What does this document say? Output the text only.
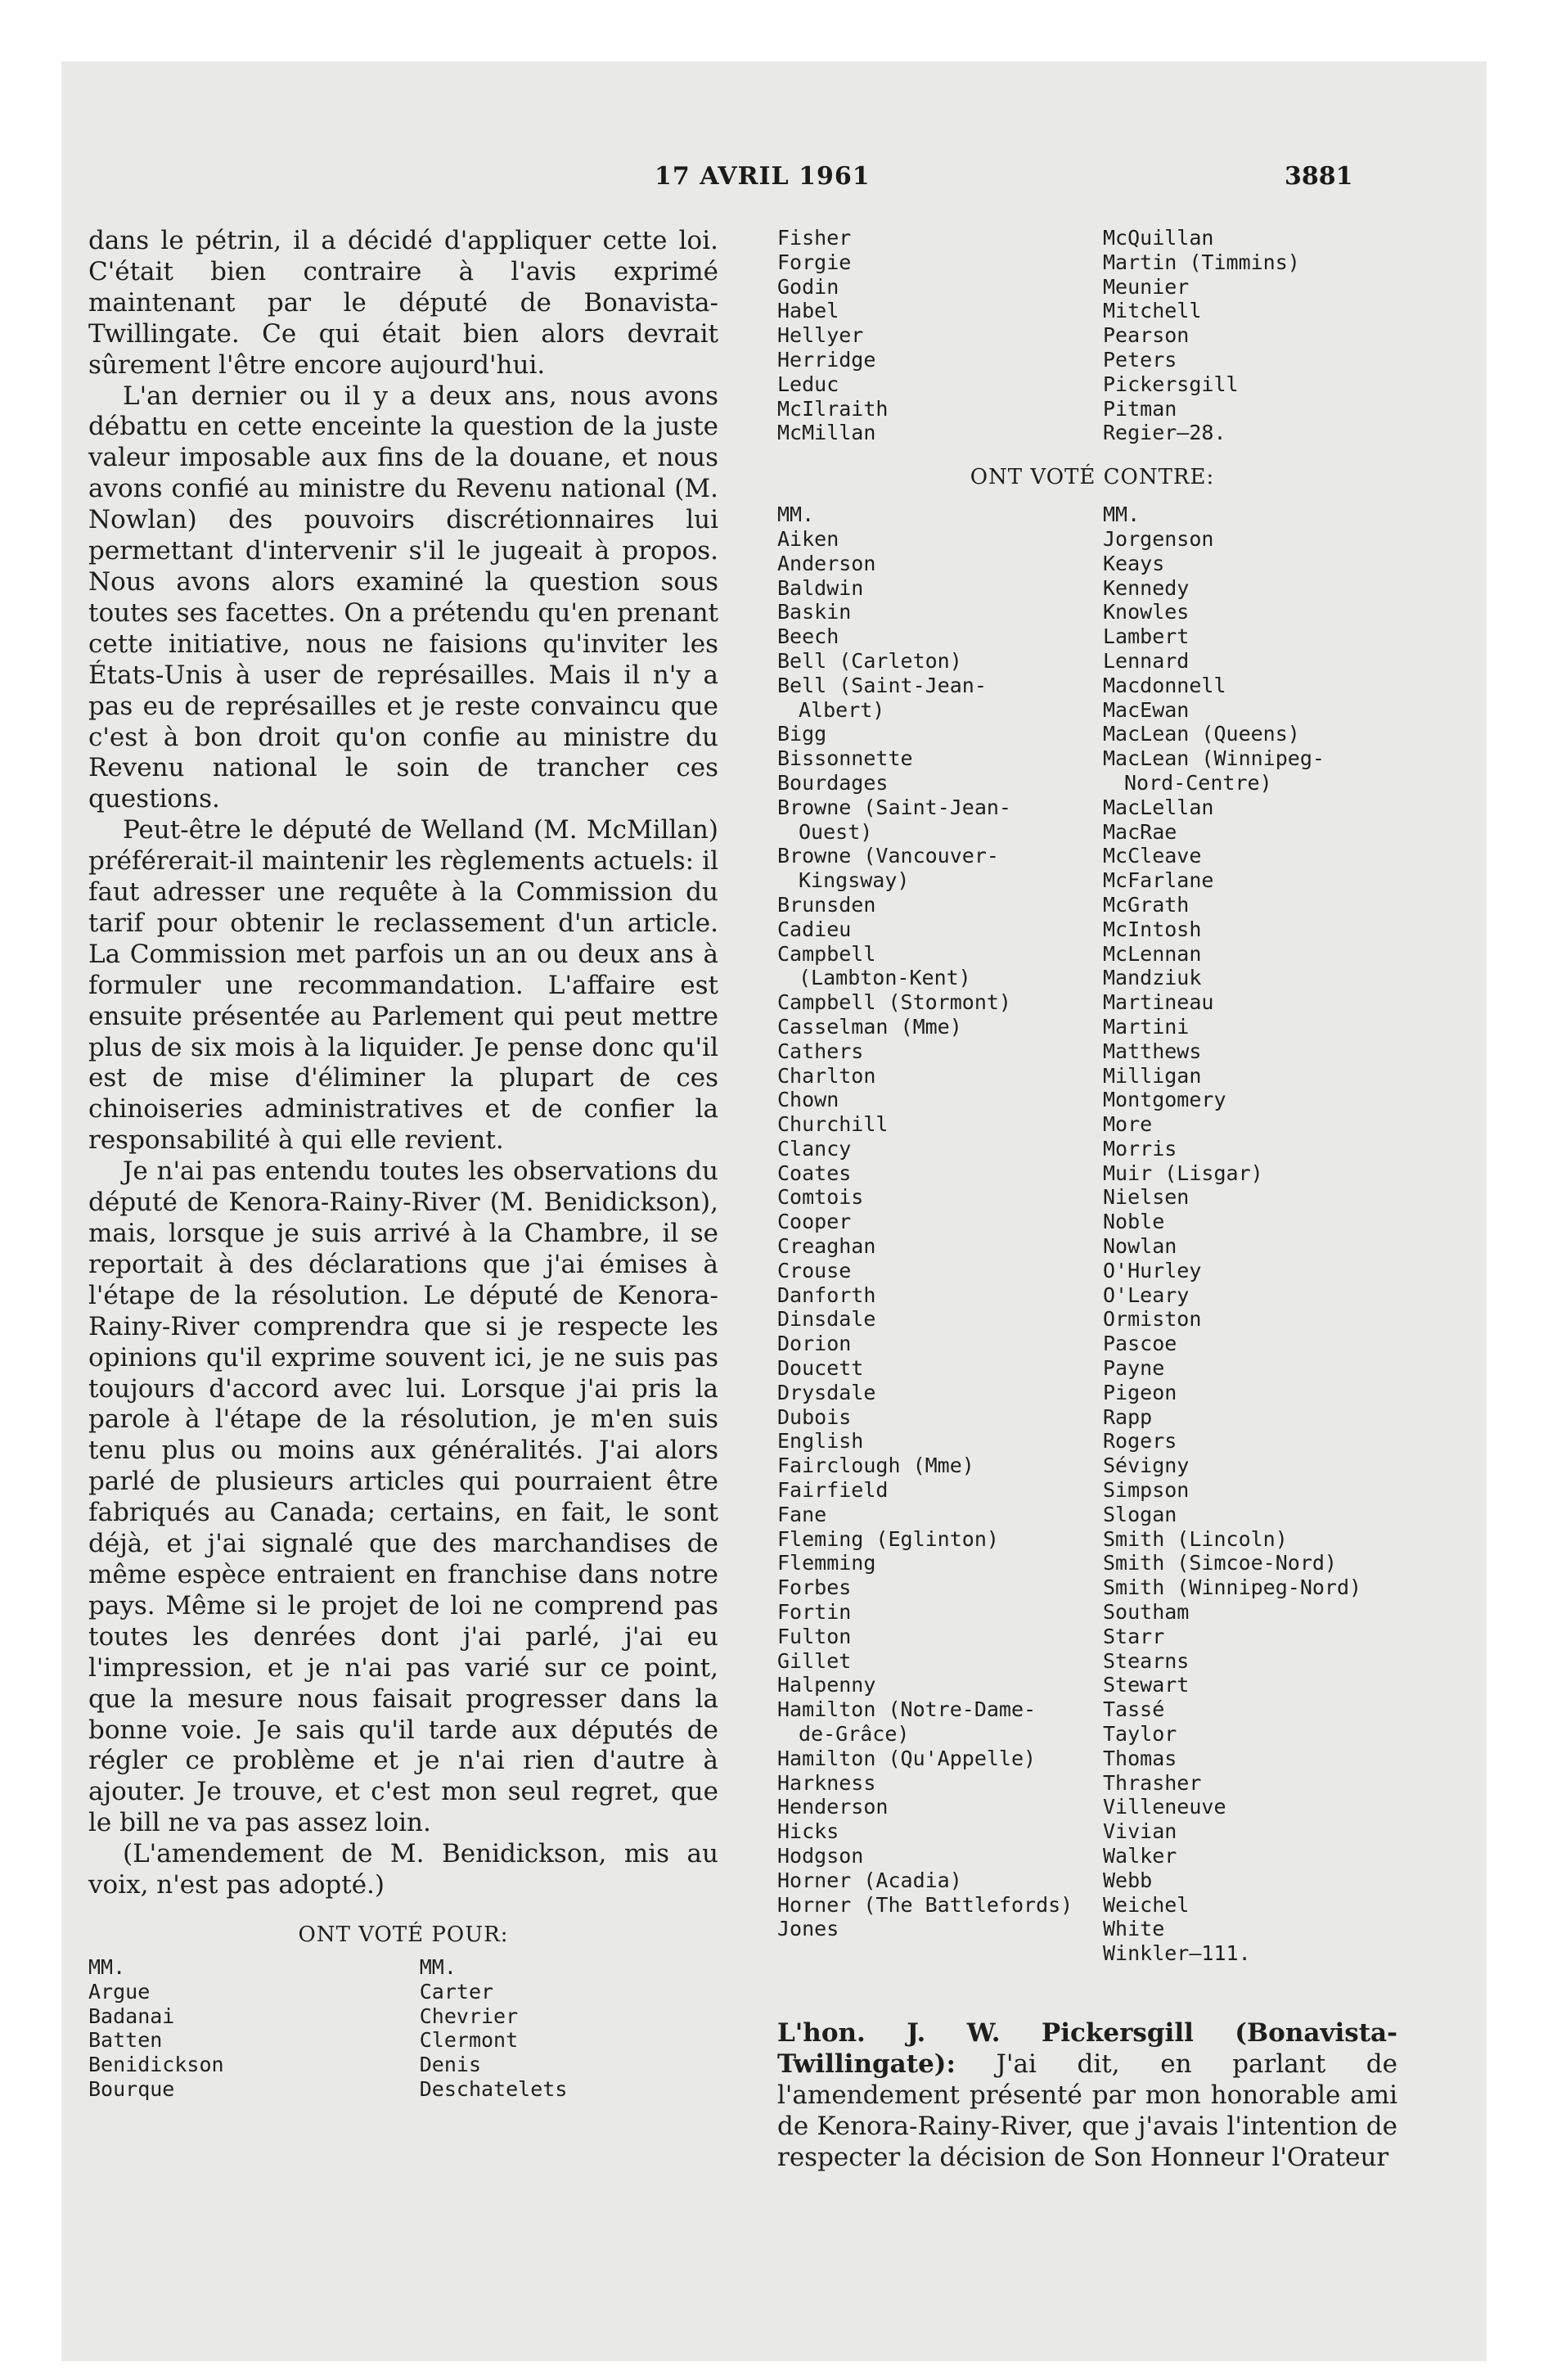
17 AVRIL 1961	3881

dans le pétrin, il a décidé d'appliquer cette loi. C'était bien contraire à l'avis exprimé maintenant par le député de Bonavista-Twillingate. Ce qui était bien alors devrait sûrement l'être encore aujourd'hui.

L'an dernier ou il y a deux ans, nous avons débattu en cette enceinte la question de la juste valeur imposable aux fins de la douane, et nous avons confié au ministre du Revenu national (M. Nowlan) des pouvoirs discrétionnaires lui permettant d'intervenir s'il le jugeait à propos. Nous avons alors examiné la question sous toutes ses facettes. On a prétendu qu'en prenant cette initiative, nous ne faisions qu'inviter les États-Unis à user de représailles. Mais il n'y a pas eu de représailles et je reste convaincu que c'est à bon droit qu'on confie au ministre du Revenu national le soin de trancher ces questions.

Peut-être le député de Welland (M. McMillan) préférerait-il maintenir les règlements actuels: il faut adresser une requête à la Commission du tarif pour obtenir le reclassement d'un article. La Commission met parfois un an ou deux ans à formuler une recommandation. L'affaire est ensuite présentée au Parlement qui peut mettre plus de six mois à la liquider. Je pense donc qu'il est de mise d'éliminer la plupart de ces chinoiseries administratives et de confier la responsabilité à qui elle revient.

Je n'ai pas entendu toutes les observations du député de Kenora-Rainy-River (M. Benidickson), mais, lorsque je suis arrivé à la Chambre, il se reportait à des déclarations que j'ai émises à l'étape de la résolution. Le député de Kenora-Rainy-River comprendra que si je respecte les opinions qu'il exprime souvent ici, je ne suis pas toujours d'accord avec lui. Lorsque j'ai pris la parole à l'étape de la résolution, je m'en suis tenu plus ou moins aux généralités. J'ai alors parlé de plusieurs articles qui pourraient être fabriqués au Canada; certains, en fait, le sont déjà, et j'ai signalé que des marchandises de même espèce entraient en franchise dans notre pays. Même si le projet de loi ne comprend pas toutes les denrées dont j'ai parlé, j'ai eu l'impression, et je n'ai pas varié sur ce point, que la mesure nous faisait progresser dans la bonne voie. Je sais qu'il tarde aux députés de régler ce problème et je n'ai rien d'autre à ajouter. Je trouve, et c'est mon seul regret, que le bill ne va pas assez loin.

(L'amendement de M. Benidickson, mis au voix, n'est pas adopté.)

ONT VOTÉ POUR:
MM.
Argue
Badanai
Batten
Benidickson
Bourque
MM.
Carter
Chevrier
Clermont
Denis
Deschatelets
Fisher
Forgie
Godin
Habel
Hellyer
Herridge
Leduc
McIlraith
McMillan
McQuillan
Martin (Timmins)
Meunier
Mitchell
Pearson
Peters
Pickersgill
Pitman
Regier—28.
ONT VOTÉ CONTRE:
MM.
Aiken
Anderson
Baldwin
Baskin
Beech
Bell (Carleton)
Bell (Saint-Jean-
Albert)
Bigg
Bissonnette
Bourdages
Browne (Saint-Jean-
Ouest)
Browne (Vancouver-
Kingsway)
Brunsden
Cadieu
Campbell
(Lambton-Kent)
Campbell (Stormont)
Casselman (Mme)
Cathers
Charlton
Chown
Churchill
Clancy
Coates
Comtois
Cooper
Creaghan
Crouse
Danforth
Dinsdale
Dorion
Doucett
Drysdale
Dubois
English
Fairclough (Mme)
Fairfield
Fane
Fleming (Eglinton)
Flemming
Forbes
Fortin
Fulton
Gillet
Halpenny
Hamilton (Notre-Dame-
de-Grâce)
Hamilton (Qu'Appelle)
Harkness
Henderson
Hicks
Hodgson
Horner (Acadia)
Horner (The Battlefords)
Jones
MM.
Jorgenson
Keays
Kennedy
Knowles
Lambert
Lennard
Macdonnell
MacEwan
MacLean (Queens)
MacLean (Winnipeg-
Nord-Centre)
MacLellan
MacRae
McCleave
McFarlane
McGrath
McIntosh
McLennan
Mandziuk
Martineau
Martini
Matthews
Milligan
Montgomery
More
Morris
Muir (Lisgar)
Nielsen
Noble
Nowlan
O'Hurley
O'Leary
Ormiston
Pascoe
Payne
Pigeon
Rapp
Rogers
Sévigny
Simpson
Slogan
Smith (Lincoln)
Smith (Simcoe-Nord)
Smith (Winnipeg-Nord)
Southam
Starr
Stearns
Stewart
Tassé
Taylor
Thomas
Thrasher
Villeneuve
Vivian
Walker
Webb
Weichel
White
Winkler—111.

L'hon. J. W. Pickersgill (Bonavista-Twillingate): J'ai dit, en parlant de l'amendement présenté par mon honorable ami de Kenora-Rainy-River, que j'avais l'intention de respecter la décision de Son Honneur l'Orateur
